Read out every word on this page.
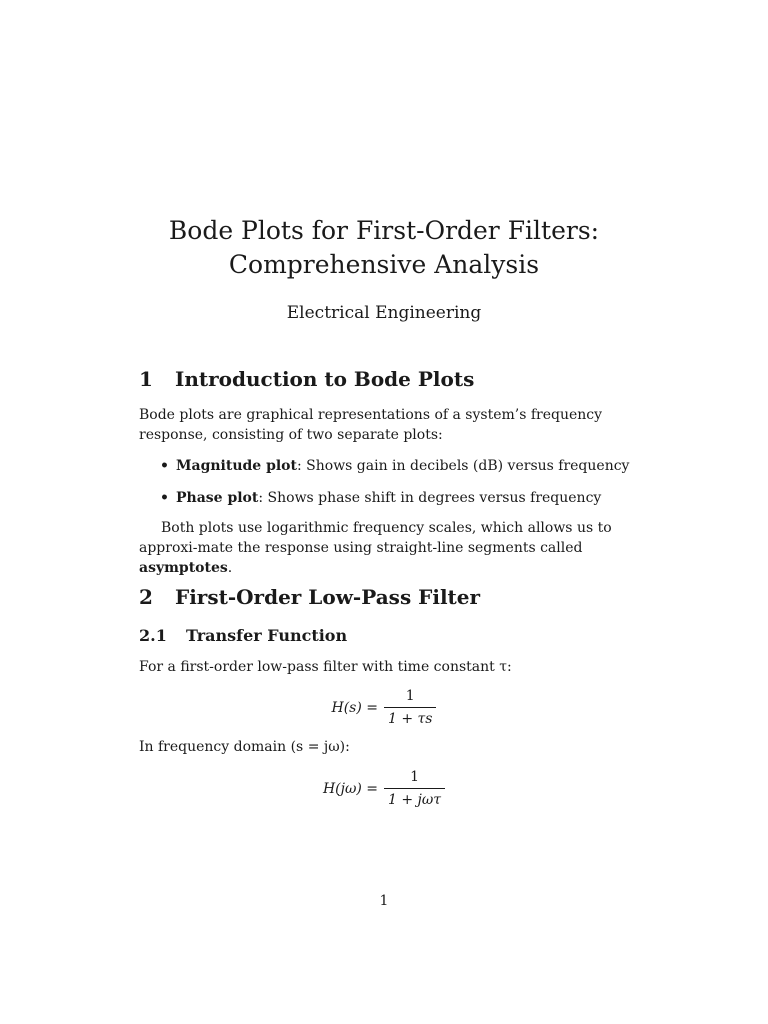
Bode Plots for First-Order Filters:
Comprehensive Analysis
Electrical Engineering
1 Introduction to Bode Plots

Bode plots are graphical representations of a system’s frequency response, consisting of two separate plots:

• Magnitude plot: Shows gain in decibels (dB) versus frequency
• Phase plot: Shows phase shift in degrees versus frequency

Both plots use logarithmic frequency scales, which allows us to approxi-mate the response using straight-line segments called asymptotes.

2 First-Order Low-Pass Filter
2.1 Transfer Function

For a first-order low-pass filter with time constant τ:

$H(s) = \frac{1}{1 + \tau s}$

In frequency domain (s = jω):

$H(j\omega) = \frac{1}{\text{1 + jωτ}}$
1
